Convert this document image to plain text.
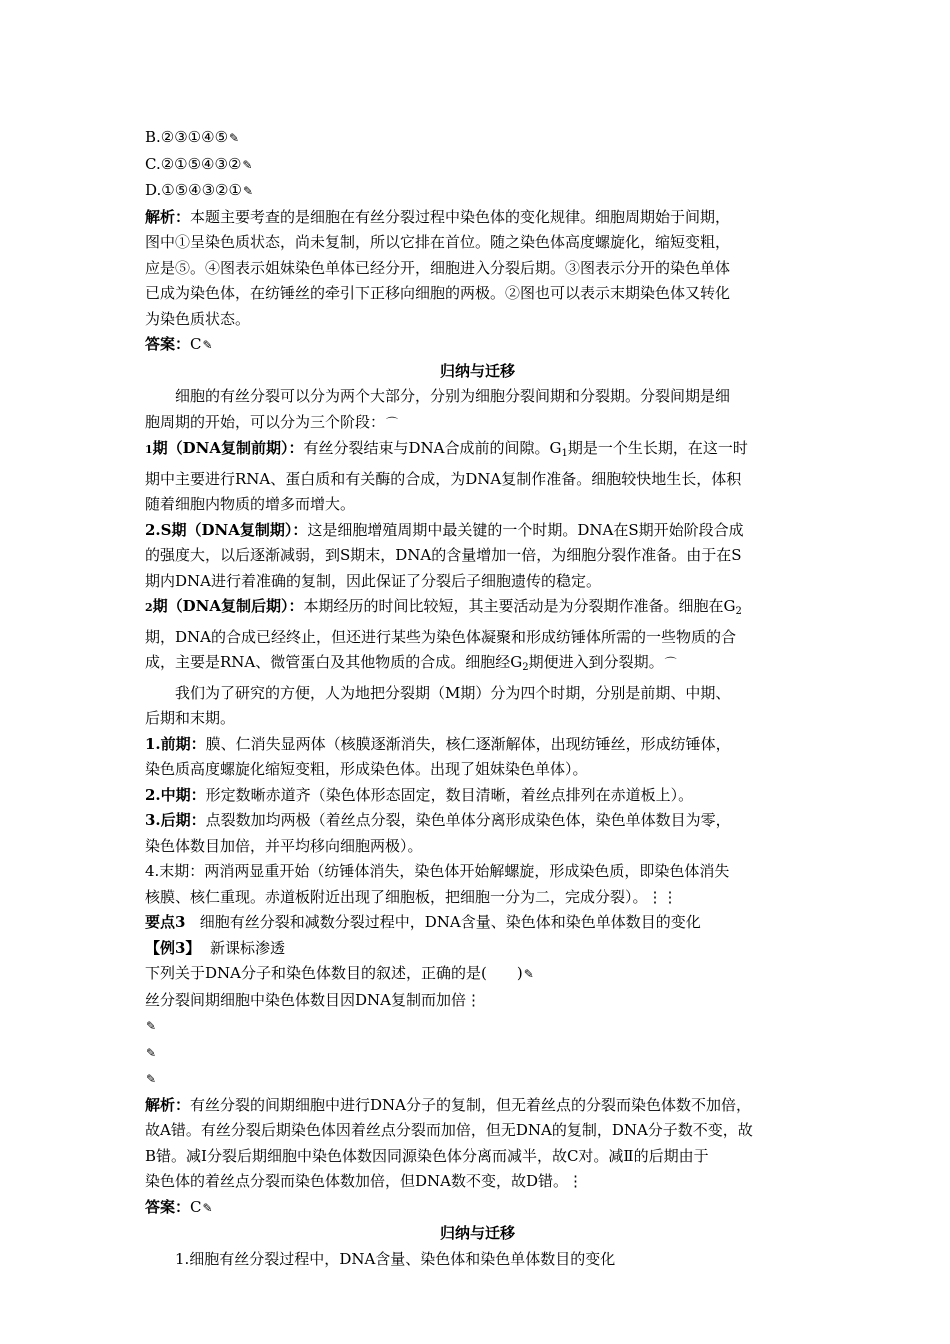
B.②③①④⑤✎
C.②①⑤④③②✎
D.①⑤④③②①✎
解析：本题主要考查的是细胞在有丝分裂过程中染色体的变化规律。细胞周期始于间期，
图中①呈染色质状态，尚未复制，所以它排在首位。随之染色体高度螺旋化，缩短变粗，
应是⑤。④图表示姐妹染色单体已经分开，细胞进入分裂后期。③图表示分开的染色单体
已成为染色体，在纺锤丝的牵引下正移向细胞的两极。②图也可以表示末期染色体又转化
为染色质状态。
答案：C✎
归纳与迁移
细胞的有丝分裂可以分为两个大部分，分别为细胞分裂间期和分裂期。分裂间期是细
胞周期的开始，可以分为三个阶段：⌒
1期（DNA复制前期）：有丝分裂结束与DNA合成前的间隙。$G_1$期是一个生长期，在这一时
期中主要进行RNA、蛋白质和有关酶的合成，为DNA复制作准备。细胞较快地生长，体积
随着细胞内物质的增多而增大。
2.S期（DNA复制期）：这是细胞增殖周期中最关键的一个时期。DNA在S期开始阶段合成
的强度大，以后逐渐减弱，到S期末，DNA的含量增加一倍，为细胞分裂作准备。由于在S
期内DNA进行着准确的复制，因此保证了分裂后子细胞遗传的稳定。
2期（DNA复制后期）：本期经历的时间比较短，其主要活动是为分裂期作准备。细胞在$G_2$
期，DNA的合成已经终止，但还进行某些为染色体凝聚和形成纺锤体所需的一些物质的合
成，主要是RNA、微管蛋白及其他物质的合成。细胞经$G_2$期便进入到分裂期。⌒
我们为了研究的方便，人为地把分裂期（M期）分为四个时期，分别是前期、中期、
后期和末期。
1.前期：膜、仁消失显两体（核膜逐渐消失，核仁逐渐解体，出现纺锤丝，形成纺锤体，
染色质高度螺旋化缩短变粗，形成染色体。出现了姐妹染色单体）。
2.中期：形定数晰赤道齐（染色体形态固定，数目清晰，着丝点排列在赤道板上）。
3.后期：点裂数加均两极（着丝点分裂，染色单体分离形成染色体，染色单体数目为零，
染色体数目加倍，并平均移向细胞两极）。
4.末期：两消两显重开始（纺锤体消失，染色体开始解螺旋，形成染色质，即染色体消失
核膜、核仁重现。赤道板附近出现了细胞板，把细胞一分为二，完成分裂）。⋮⋮
要点3 细胞有丝分裂和减数分裂过程中，DNA含量、染色体和染色单体数目的变化
【例3】 新课标渗透
下列关于DNA分子和染色体数目的叙述，正确的是(　　)✎
丝分裂间期细胞中染色体数目因DNA复制而加倍⋮
✎
✎
✎
解析：有丝分裂的间期细胞中进行DNA分子的复制，但无着丝点的分裂而染色体数不加倍，
故A错。有丝分裂后期染色体因着丝点分裂而加倍，但无DNA的复制，DNA分子数不变，故
B错。减Ⅰ分裂后期细胞中染色体数因同源染色体分离而减半，故C对。减Ⅱ的后期由于
染色体的着丝点分裂而染色体数加倍，但DNA数不变，故D错。⋮
答案：C✎
归纳与迁移
1.细胞有丝分裂过程中，DNA含量、染色体和染色单体数目的变化
